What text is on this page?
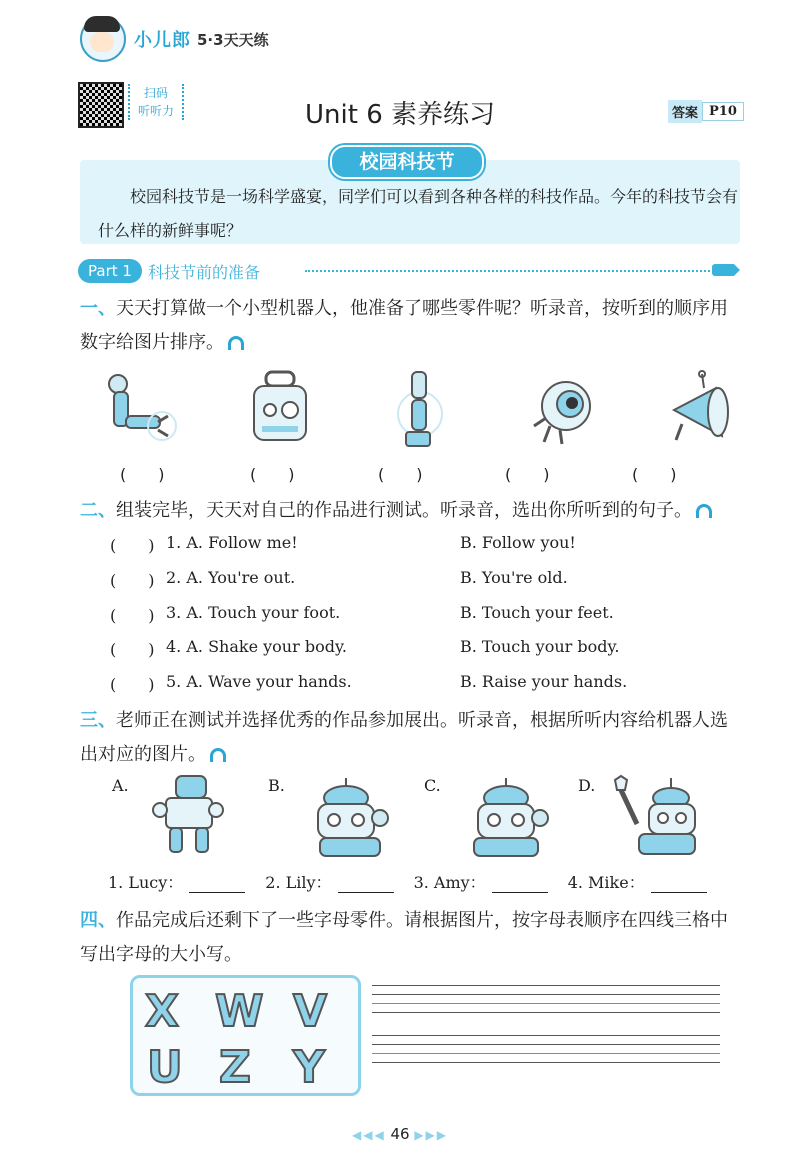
小儿郎 5·3天天练
扫码
听听力	Unit 6 素养练习	答案 P10
校园科技节
校园科技节是一场科学盛宴，同学们可以看到各种各样的科技作品。今年的科技节会有什么样的新鲜事呢？
Part 1	科技节前的准备
一、天天打算做一个小型机器人，他准备了哪些零件呢？听录音，按听到的顺序用数字给图片排序。
(　　)	(　　)	(　　)	(　　)	(　　)
二、组装完毕，天天对自己的作品进行测试。听录音，选出你所听到的句子。
(　　) 1. A. Follow me!	B. Follow you!
(　　) 2. A. You're out.	B. You're old.
(　　) 3. A. Touch your foot.	B. Touch your feet.
(　　) 4. A. Shake your body.	B. Touch your body.
(　　) 5. A. Wave your hands.	B. Raise your hands.
三、老师正在测试并选择优秀的作品参加展出。听录音，根据所听内容给机器人选出对应的图片。
A.	B.	C.	D.
1. Lucy：	2. Lily：	3. Amy：	4. Mike：
四、作品完成后还剩下了一些字母零件。请根据图片，按字母表顺序在四线三格中写出字母的大小写。
X W V
U Z Y
◀◀◀ 46 ▶▶▶
